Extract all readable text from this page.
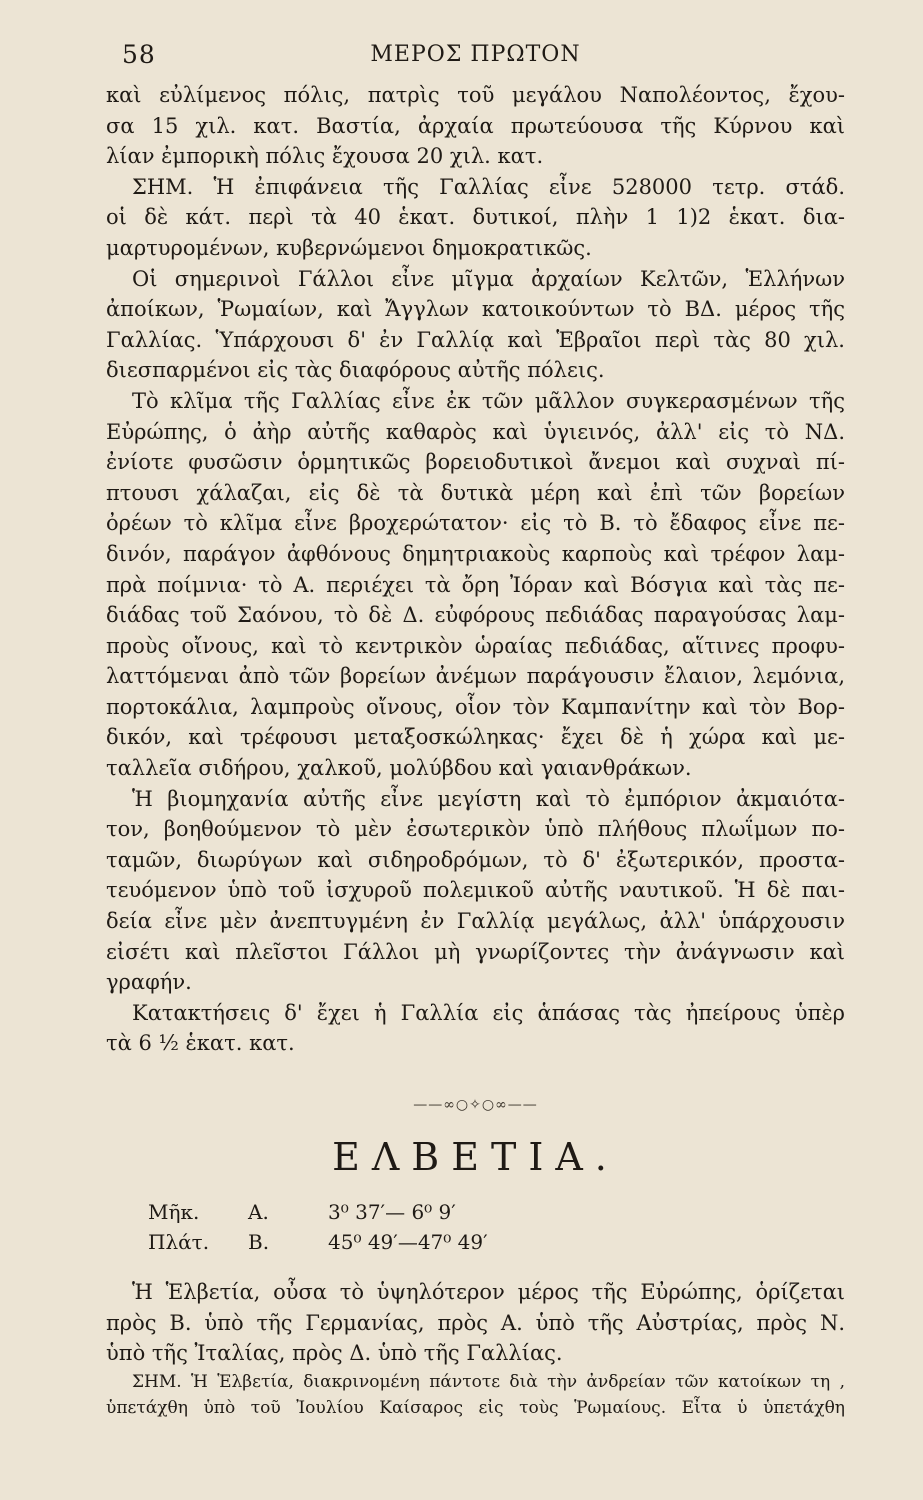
58	ΜΕΡΟΣ ΠΡΩΤΟΝ
καὶ εὐλίμενος πόλις, πατρὶς τοῦ μεγάλου Ναπολέοντος, ἔχου-
σα 15 χιλ. κατ. Βαστία, ἀρχαία πρωτεύουσα τῆς Κύρνου καὶ
λίαν ἐμπορικὴ πόλις ἔχουσα 20 χιλ. κατ.
ΣΗΜ. Ἡ ἐπιφάνεια τῆς Γαλλίας εἶνε 528000 τετρ. στάδ.
οἱ δὲ κάτ. περὶ τὰ 40 ἑκατ. δυτικοί, πλὴν 1 1)2 ἑκατ. δια-
μαρτυρομένων, κυβερνώμενοι δημοκρατικῶς.
Οἱ σημερινοὶ Γάλλοι εἶνε μῖγμα ἀρχαίων Κελτῶν, Ἑλλήνων
ἀποίκων, Ῥωμαίων, καὶ Ἄγγλων κατοικούντων τὸ ΒΔ. μέρος τῆς
Γαλλίας. Ὑπάρχουσι δ' ἐν Γαλλίᾳ καὶ Ἑβραῖοι περὶ τὰς 80 χιλ.
διεσπαρμένοι εἰς τὰς διαφόρους αὐτῆς πόλεις.
Τὸ κλῖμα τῆς Γαλλίας εἶνε ἐκ τῶν μᾶλλον συγκερασμένων τῆς
Εὐρώπης, ὁ ἀὴρ αὐτῆς καθαρὸς καὶ ὑγιεινός, ἀλλ' εἰς τὸ ΝΔ.
ἐνίοτε φυσῶσιν ὁρμητικῶς βορειοδυτικοὶ ἄνεμοι καὶ συχναὶ πί-
πτουσι χάλαζαι, εἰς δὲ τὰ δυτικὰ μέρη καὶ ἐπὶ τῶν βορείων
ὀρέων τὸ κλῖμα εἶνε βροχερώτατον· εἰς τὸ Β. τὸ ἔδαφος εἶνε πε-
δινόν, παράγον ἀφθόνους δημητριακοὺς καρποὺς καὶ τρέφον λαμ-
πρὰ ποίμνια· τὸ Α. περιέχει τὰ ὄρη Ἰόραν καὶ Βόσγια καὶ τὰς πε-
διάδας τοῦ Σαόνου, τὸ δὲ Δ. εὐφόρους πεδιάδας παραγούσας λαμ-
προὺς οἴνους, καὶ τὸ κεντρικὸν ὡραίας πεδιάδας, αἵτινες προφυ-
λαττόμεναι ἀπὸ τῶν βορείων ἀνέμων παράγουσιν ἔλαιον, λεμόνια,
πορτοκάλια, λαμπροὺς οἴνους, οἷον τὸν Καμπανίτην καὶ τὸν Βορ-
δικόν, καὶ τρέφουσι μεταξοσκώληκας· ἔχει δὲ ἡ χώρα καὶ με-
ταλλεῖα σιδήρου, χαλκοῦ, μολύβδου καὶ γαιανθράκων.
Ἡ βιομηχανία αὐτῆς εἶνε μεγίστη καὶ τὸ ἐμπόριον ἀκμαιότα-
τον, βοηθούμενον τὸ μὲν ἐσωτερικὸν ὑπὸ πλήθους πλωΐμων πο-
ταμῶν, διωρύγων καὶ σιδηροδρόμων, τὸ δ' ἐξωτερικόν, προστα-
τευόμενον ὑπὸ τοῦ ἰσχυροῦ πολεμικοῦ αὐτῆς ναυτικοῦ. Ἡ δὲ παι-
δεία εἶνε μὲν ἀνεπτυγμένη ἐν Γαλλίᾳ μεγάλως, ἀλλ' ὑπάρχουσιν
εἰσέτι καὶ πλεῖστοι Γάλλοι μὴ γνωρίζοντες τὴν ἀνάγνωσιν καὶ
γραφήν.
Κατακτήσεις δ' ἔχει ἡ Γαλλία εἰς ἁπάσας τὰς ἠπείρους ὑπὲρ
τὰ 6 ½ ἑκατ. κατ.
——∞○✧○∞——
ΕΛΒΕΤΙΑ.
Μῆκ.	Α.	3⁰ 37′— 6⁰ 9′
Πλάτ.	Β.	45⁰ 49′—47⁰ 49′
Ἡ Ἑλβετία, οὖσα τὸ ὑψηλότερον μέρος τῆς Εὐρώπης, ὁρίζεται
πρὸς Β. ὑπὸ τῆς Γερμανίας, πρὸς Α. ὑπὸ τῆς Αὐστρίας, πρὸς Ν.
ὑπὸ τῆς Ἰταλίας, πρὸς Δ. ὑπὸ τῆς Γαλλίας.
ΣΗΜ. Ἡ Ἑλβετία, διακρινομένη πάντοτε διὰ τὴν ἀνδρείαν τῶν κατοίκων τη ,
ὑπετάχθη ὑπὸ τοῦ Ἰουλίου Καίσαρος εἰς τοὺς Ῥωμαίους. Εἶτα ὑ ὑπετάχθη
